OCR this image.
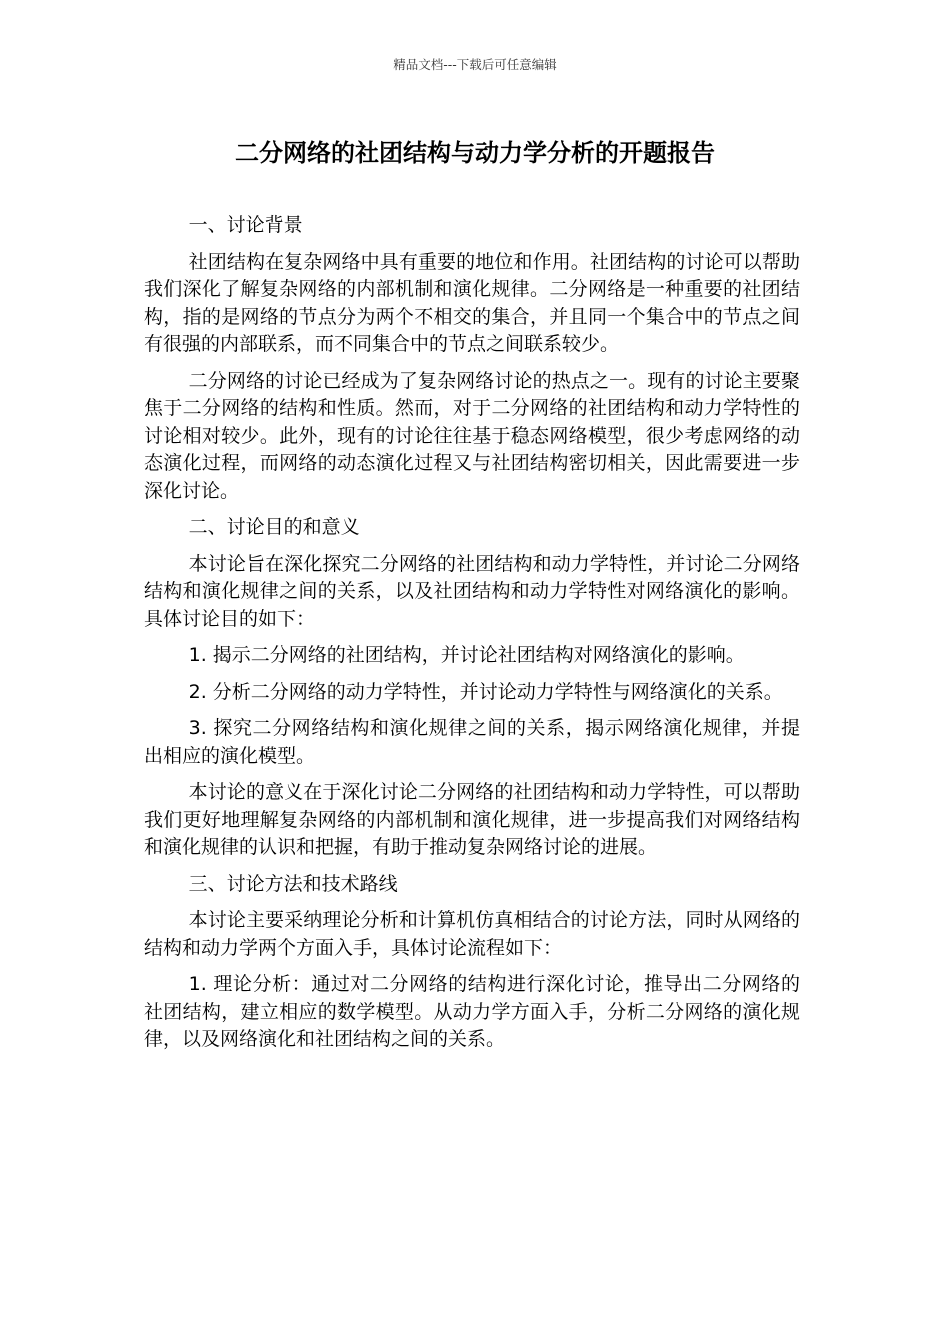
精品文档---下载后可任意编辑
二分网络的社团结构与动力学分析的开题报告

一、讨论背景

社团结构在复杂网络中具有重要的地位和作用。社团结构的讨论可以帮助我们深化了解复杂网络的内部机制和演化规律。二分网络是一种重要的社团结构，指的是网络的节点分为两个不相交的集合，并且同一个集合中的节点之间有很强的内部联系，而不同集合中的节点之间联系较少。

二分网络的讨论已经成为了复杂网络讨论的热点之一。现有的讨论主要聚焦于二分网络的结构和性质。然而，对于二分网络的社团结构和动力学特性的讨论相对较少。此外，现有的讨论往往基于稳态网络模型，很少考虑网络的动态演化过程，而网络的动态演化过程又与社团结构密切相关，因此需要进一步深化讨论。

二、讨论目的和意义

本讨论旨在深化探究二分网络的社团结构和动力学特性，并讨论二分网络结构和演化规律之间的关系，以及社团结构和动力学特性对网络演化的影响。具体讨论目的如下：

1. 揭示二分网络的社团结构，并讨论社团结构对网络演化的影响。

2. 分析二分网络的动力学特性，并讨论动力学特性与网络演化的关系。

3. 探究二分网络结构和演化规律之间的关系，揭示网络演化规律，并提出相应的演化模型。

本讨论的意义在于深化讨论二分网络的社团结构和动力学特性，可以帮助我们更好地理解复杂网络的内部机制和演化规律，进一步提高我们对网络结构和演化规律的认识和把握，有助于推动复杂网络讨论的进展。

三、讨论方法和技术路线

本讨论主要采纳理论分析和计算机仿真相结合的讨论方法，同时从网络的结构和动力学两个方面入手，具体讨论流程如下：

1. 理论分析：通过对二分网络的结构进行深化讨论，推导出二分网络的社团结构，建立相应的数学模型。从动力学方面入手，分析二分网络的演化规律，以及网络演化和社团结构之间的关系。
